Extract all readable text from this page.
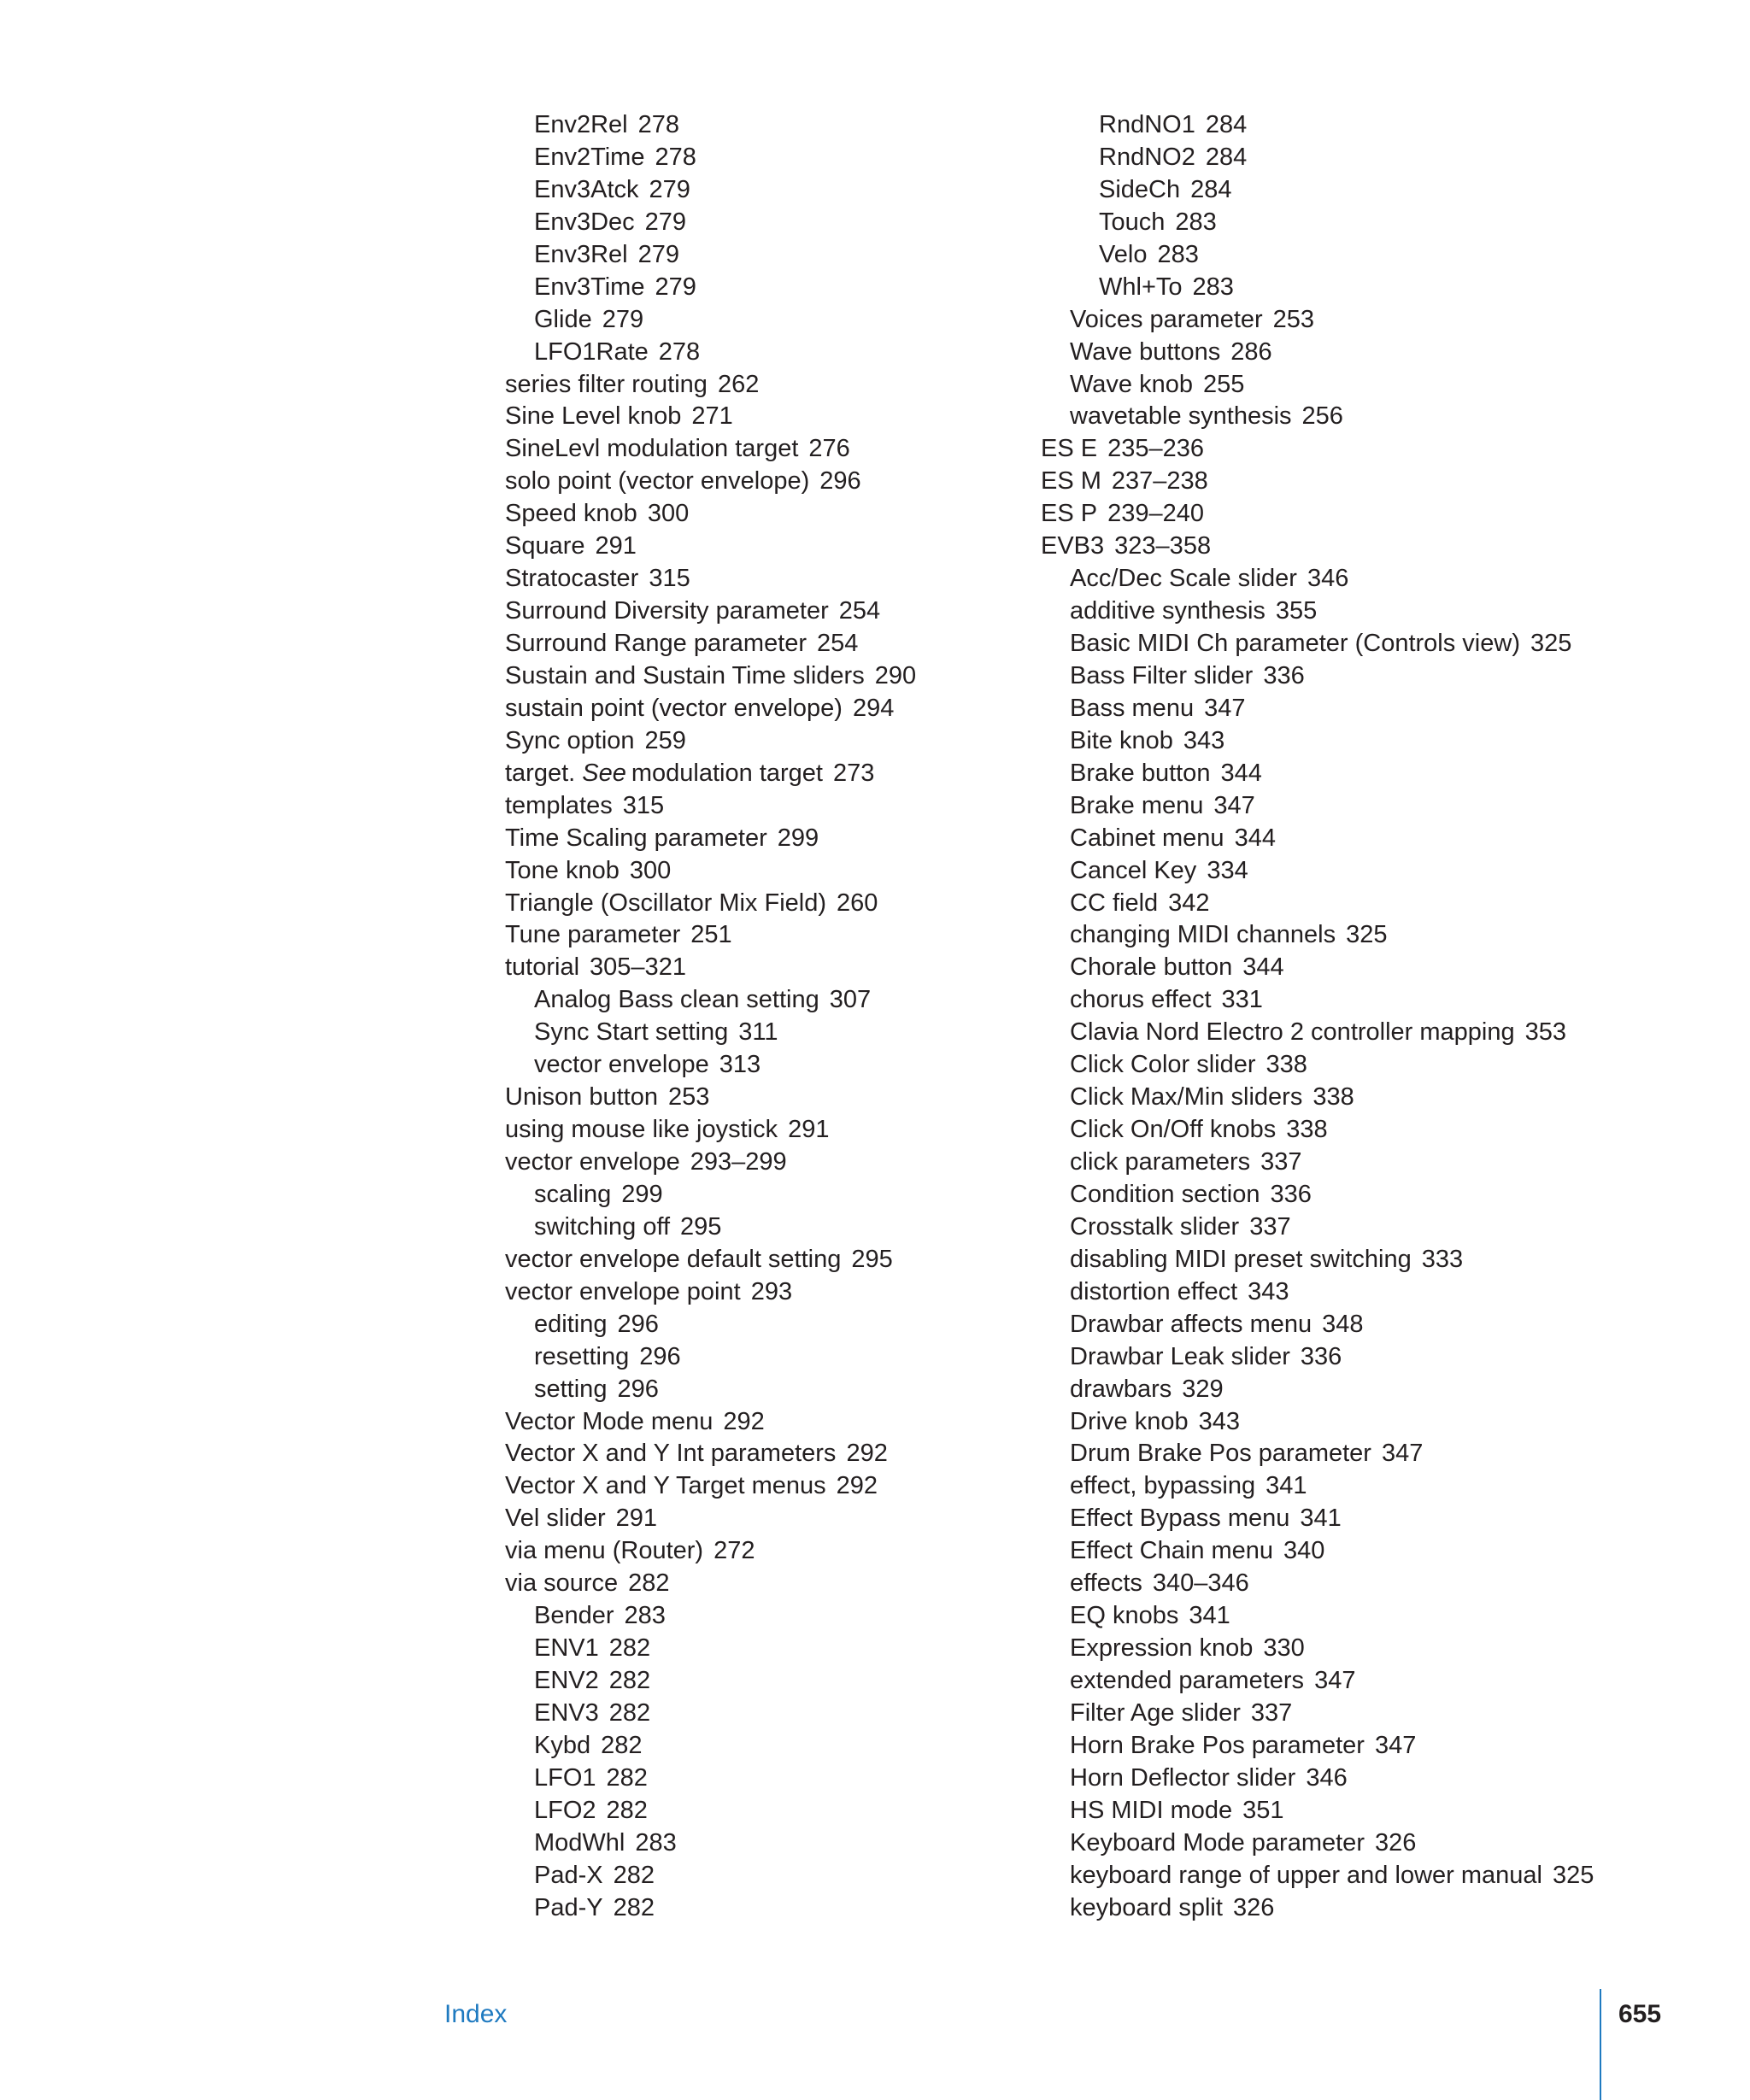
Env2Rel 278
Env2Time 278
Env3Atck 279
Env3Dec 279
Env3Rel 279
Env3Time 279
Glide 279
LFO1Rate 278
series filter routing 262
Sine Level knob 271
SineLevl modulation target 276
solo point (vector envelope) 296
Speed knob 300
Square 291
Stratocaster 315
Surround Diversity parameter 254
Surround Range parameter 254
Sustain and Sustain Time sliders 290
sustain point (vector envelope) 294
Sync option 259
target. See modulation target 273
templates 315
Time Scaling parameter 299
Tone knob 300
Triangle (Oscillator Mix Field) 260
Tune parameter 251
tutorial 305–321
Analog Bass clean setting 307
Sync Start setting 311
vector envelope 313
Unison button 253
using mouse like joystick 291
vector envelope 293–299
scaling 299
switching off 295
vector envelope default setting 295
vector envelope point 293
editing 296
resetting 296
setting 296
Vector Mode menu 292
Vector X and Y Int parameters 292
Vector X and Y Target menus 292
Vel slider 291
via menu (Router) 272
via source 282
Bender 283
ENV1 282
ENV2 282
ENV3 282
Kybd 282
LFO1 282
LFO2 282
ModWhl 283
Pad-X 282
Pad-Y 282
RndNO1 284
RndNO2 284
SideCh 284
Touch 283
Velo 283
Whl+To 283
Voices parameter 253
Wave buttons 286
Wave knob 255
wavetable synthesis 256
ES E 235–236
ES M 237–238
ES P 239–240
EVB3 323–358
Acc/Dec Scale slider 346
additive synthesis 355
Basic MIDI Ch parameter (Controls view) 325
Bass Filter slider 336
Bass menu 347
Bite knob 343
Brake button 344
Brake menu 347
Cabinet menu 344
Cancel Key 334
CC field 342
changing MIDI channels 325
Chorale button 344
chorus effect 331
Clavia Nord Electro 2 controller mapping 353
Click Color slider 338
Click Max/Min sliders 338
Click On/Off knobs 338
click parameters 337
Condition section 336
Crosstalk slider 337
disabling MIDI preset switching 333
distortion effect 343
Drawbar affects menu 348
Drawbar Leak slider 336
drawbars 329
Drive knob 343
Drum Brake Pos parameter 347
effect, bypassing 341
Effect Bypass menu 341
Effect Chain menu 340
effects 340–346
EQ knobs 341
Expression knob 330
extended parameters 347
Filter Age slider 337
Horn Brake Pos parameter 347
Horn Deflector slider 346
HS MIDI mode 351
Keyboard Mode parameter 326
keyboard range of upper and lower manual 325
keyboard split 326
Index	655
